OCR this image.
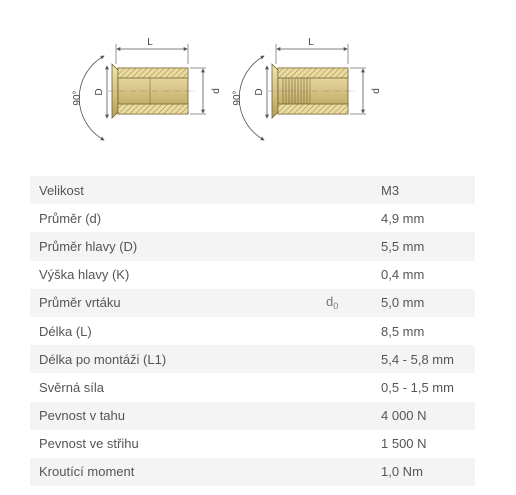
L
90° D	d
L
90° D	d
Velikost		M3
Průměr (d)		4,9 mm
Průměr hlavy (D)		5,5 mm
Výška hlavy (K)		0,4 mm
Průměr vrtáku	$d_0$	5,0 mm
Délka (L)		8,5 mm
Délka po montáži (L1)		5,4 - 5,8 mm
Svěrná síla		0,5 - 1,5 mm
Pevnost v tahu		4 000 N
Pevnost ve střihu		1 500 N
Kroutící moment		1,0 Nm
